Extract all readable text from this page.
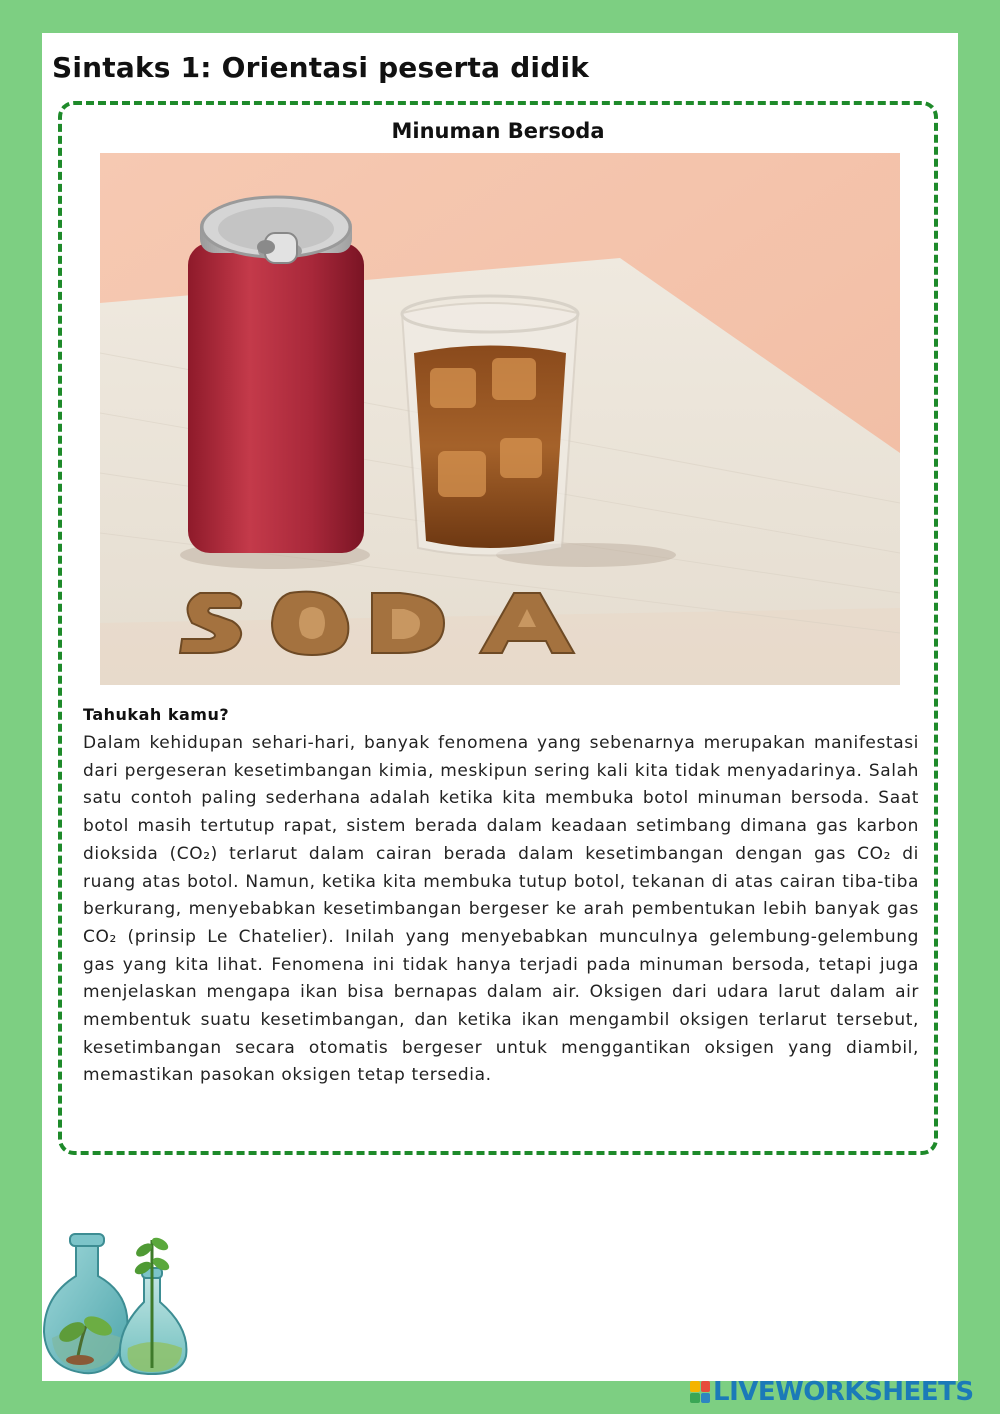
Sintaks 1: Orientasi peserta didik
Minuman Bersoda
Tahukah kamu?

Dalam kehidupan sehari-hari, banyak fenomena yang sebenarnya merupakan manifestasi dari pergeseran kesetimbangan kimia, meskipun sering kali kita tidak menyadarinya. Salah satu contoh paling sederhana adalah ketika kita membuka botol minuman bersoda. Saat botol masih tertutup rapat, sistem berada dalam keadaan setimbang dimana gas karbon dioksida (CO₂) terlarut dalam cairan berada dalam kesetimbangan dengan gas CO₂ di ruang atas botol. Namun, ketika kita membuka tutup botol, tekanan di atas cairan tiba-tiba berkurang, menyebabkan kesetimbangan bergeser ke arah pembentukan lebih banyak gas CO₂ (prinsip Le Chatelier). Inilah yang menyebabkan munculnya gelembung-gelembung gas yang kita lihat. Fenomena ini tidak hanya terjadi pada minuman bersoda, tetapi juga menjelaskan mengapa ikan bisa bernapas dalam air. Oksigen dari udara larut dalam air membentuk suatu kesetimbangan, dan ketika ikan mengambil oksigen terlarut tersebut, kesetimbangan secara otomatis bergeser untuk menggantikan oksigen yang diambil, memastikan pasokan oksigen tetap tersedia.

LIVEWORKSHEETS
